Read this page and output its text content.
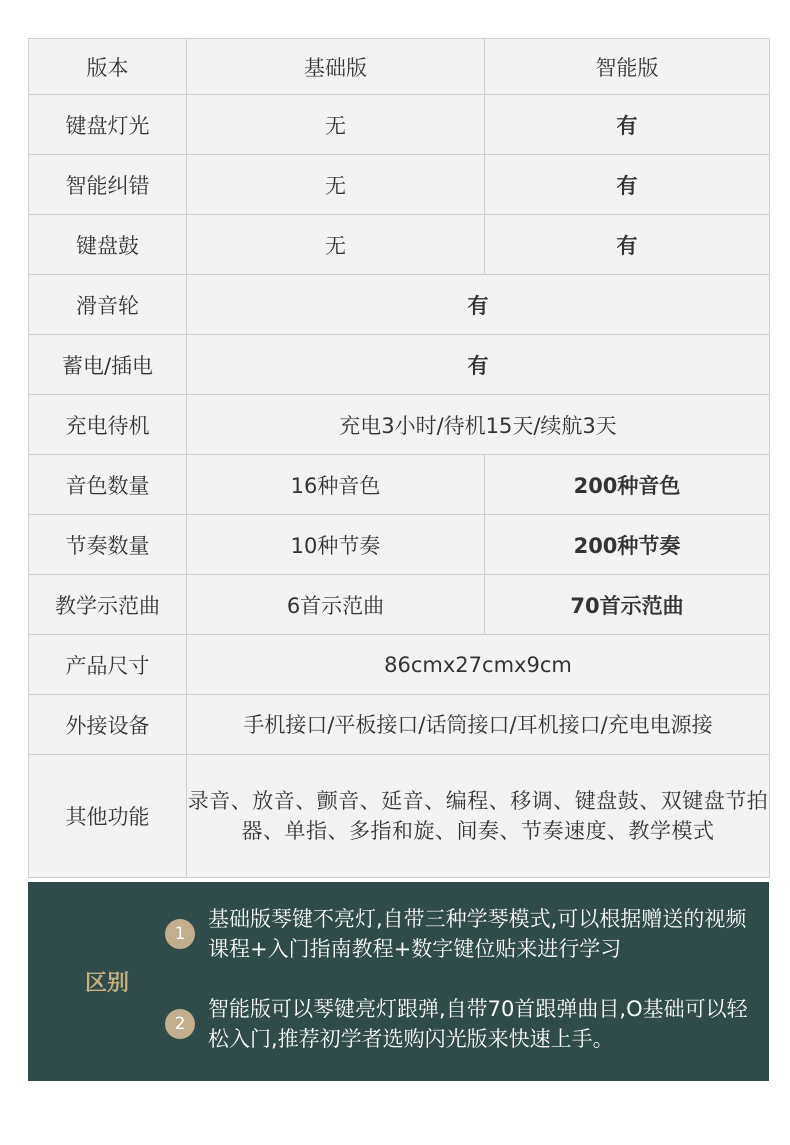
版本	基础版	智能版
键盘灯光	无	有
智能纠错	无	有
键盘鼓	无	有
滑音轮	有	
蓄电/插电	有	
充电待机	充电3小时/待机15天/续航3天	
音色数量	16种音色	200种音色
节奏数量	10种节奏	200种节奏
教学示范曲	6首示范曲	70首示范曲
产品尺寸	86cmx27cmx9cm	
外接设备	手机接口/平板接口/话筒接口/耳机接口/充电电源接	
其他功能	录音、放音、颤音、延音、编程、移调、键盘鼓、双键盘节拍器、单指、多指和旋、间奏、节奏速度、教学模式	
区别
1
基础版琴键不亮灯,自带三种学琴模式,可以根据赠送的视频课程+入门指南教程+数字键位贴来进行学习
2
智能版可以琴键亮灯跟弹,自带70首跟弹曲目,O基础可以轻松入门,推荐初学者选购闪光版来快速上手。
